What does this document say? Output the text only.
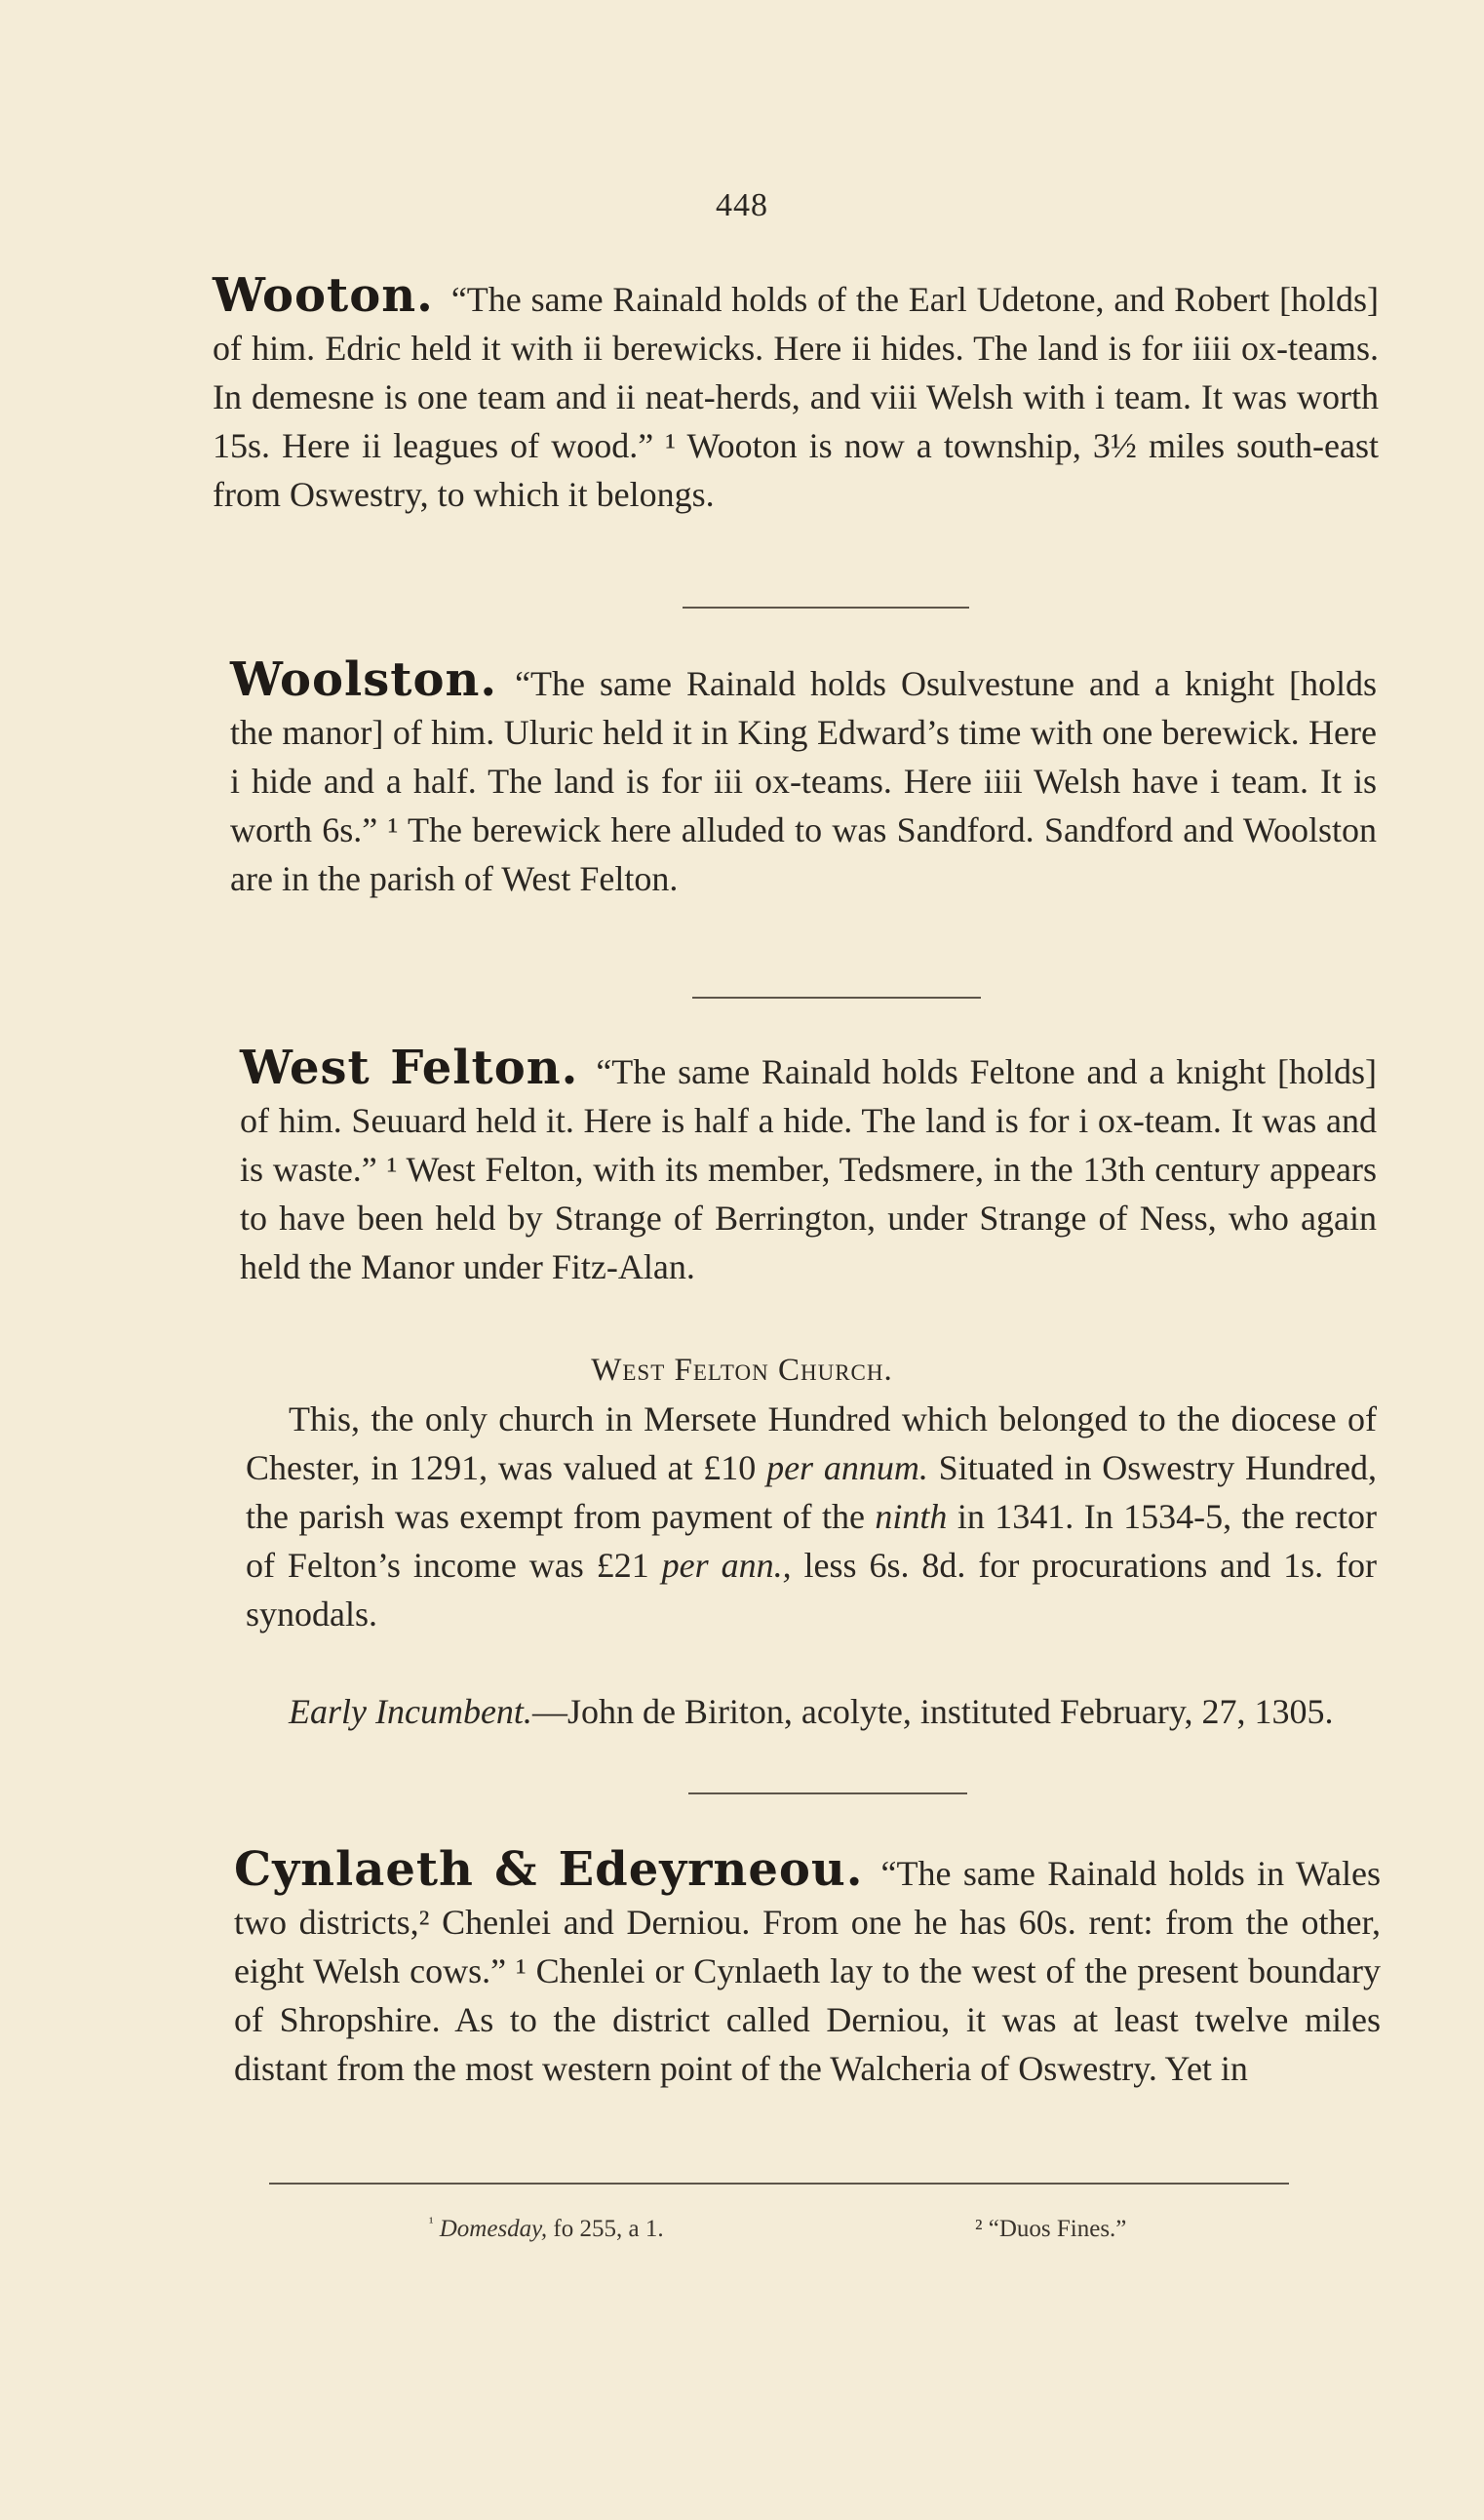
448

Wooton. “The same Rainald holds of the Earl Udetone, and Robert [holds] of him. Edric held it with ii berewicks. Here ii hides. The land is for iiii ox-teams. In demesne is one team and ii neat-herds, and viii Welsh with i team. It was worth 15s. Here ii leagues of wood.” ¹ Wooton is now a township, 3½ miles south-east from Oswestry, to which it belongs.

Woolston. “The same Rainald holds Osulvestune and a knight [holds the manor] of him. Uluric held it in King Edward’s time with one berewick. Here i hide and a half. The land is for iii ox-teams. Here iiii Welsh have i team. It is worth 6s.” ¹ The berewick here alluded to was Sandford. Sandford and Woolston are in the parish of West Felton.

West Felton. “The same Rainald holds Feltone and a knight [holds] of him. Seuuard held it. Here is half a hide. The land is for i ox-team. It was and is waste.” ¹ West Felton, with its member, Tedsmere, in the 13th century appears to have been held by Strange of Berrington, under Strange of Ness, who again held the Manor under Fitz-Alan.

West Felton Church.

This, the only church in Mersete Hundred which belonged to the diocese of Chester, in 1291, was valued at £10 per annum. Situated in Oswestry Hundred, the parish was exempt from payment of the ninth in 1341. In 1534-5, the rector of Felton’s income was £21 per ann., less 6s. 8d. for procurations and 1s. for synodals.

Early Incumbent.—John de Biriton, acolyte, instituted February, 27, 1305.

Cynlaeth & Edeyrneou. “The same Rainald holds in Wales two districts,² Chenlei and Derniou. From one he has 60s. rent: from the other, eight Welsh cows.” ¹ Chenlei or Cynlaeth lay to the west of the present boundary of Shropshire. As to the district called Derniou, it was at least twelve miles distant from the most western point of the Walcheria of Oswestry. Yet in

$^{^1}$ Domesday, fo 255, a 1.	² “Duos Fines.”
